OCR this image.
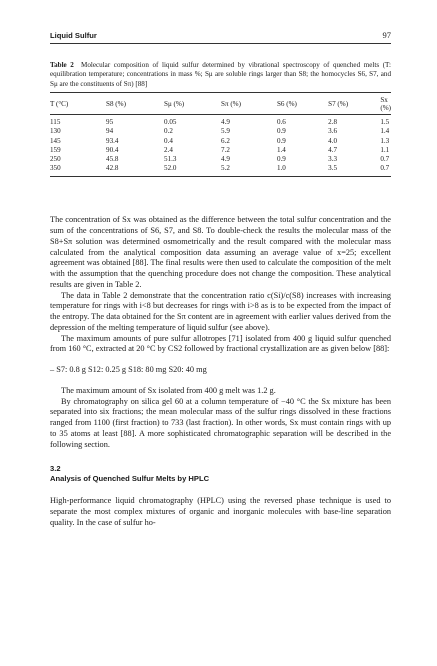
Liquid Sulfur	97
Table 2 Molecular composition of liquid sulfur determined by vibrational spectroscopy of quenched melts (T: equilibration temperature; concentrations in mass %; Sμ are soluble rings larger than S8; the homocycles S6, S7, and Sμ are the constituents of Sπ) [88]
T (°C)	S8 (%)	Sμ (%)	Sπ (%)	S6 (%)	S7 (%)	Sx (%)
115	95	0.05	4.9	0.6	2.8	1.5
130	94	0.2	5.9	0.9	3.6	1.4
145	93.4	0.4	6.2	0.9	4.0	1.3
159	90.4	2.4	7.2	1.4	4.7	1.1
250	45.8	51.3	4.9	0.9	3.3	0.7
350	42.8	52.0	5.2	1.0	3.5	0.7

The concentration of Sx was obtained as the difference between the total sulfur concentration and the sum of the concentrations of S6, S7, and S8. To double-check the results the molecular mass of the S8+Sπ solution was determined osmometrically and the result compared with the molecular mass calculated from the analytical composition data assuming an average value of x=25; excellent agreement was obtained [88]. The final results were then used to calculate the composition of the melt with the assumption that the quenching procedure does not change the composition. These analytical results are given in Table 2.

The data in Table 2 demonstrate that the concentration ratio c(Si)/c(S8) increases with increasing temperature for rings with i<8 but decreases for rings with i>8 as is to be expected from the impact of the entropy. The data obtained for the Sπ content are in agreement with earlier values derived from the depression of the melting temperature of liquid sulfur (see above).

The maximum amounts of pure sulfur allotropes [71] isolated from 400 g liquid sulfur quenched from 160 °C, extracted at 20 °C by CS2 followed by fractional crystallization are as given below [88]:

– S7: 0.8 g S12: 0.25 g S18: 80 mg S20: 40 mg

The maximum amount of Sx isolated from 400 g melt was 1.2 g.

By chromatography on silica gel 60 at a column temperature of −40 °C the Sx mixture has been separated into six fractions; the mean molecular mass of the sulfur rings dissolved in these fractions ranged from 1100 (first fraction) to 733 (last fraction). In other words, Sx must contain rings with up to 35 atoms at least [88]. A more sophisticated chromatographic separation will be described in the following section.

3.2
Analysis of Quenched Sulfur Melts by HPLC

High-performance liquid chromatography (HPLC) using the reversed phase technique is used to separate the most complex mixtures of organic and inorganic molecules with base-line separation quality. In the case of sulfur ho-
